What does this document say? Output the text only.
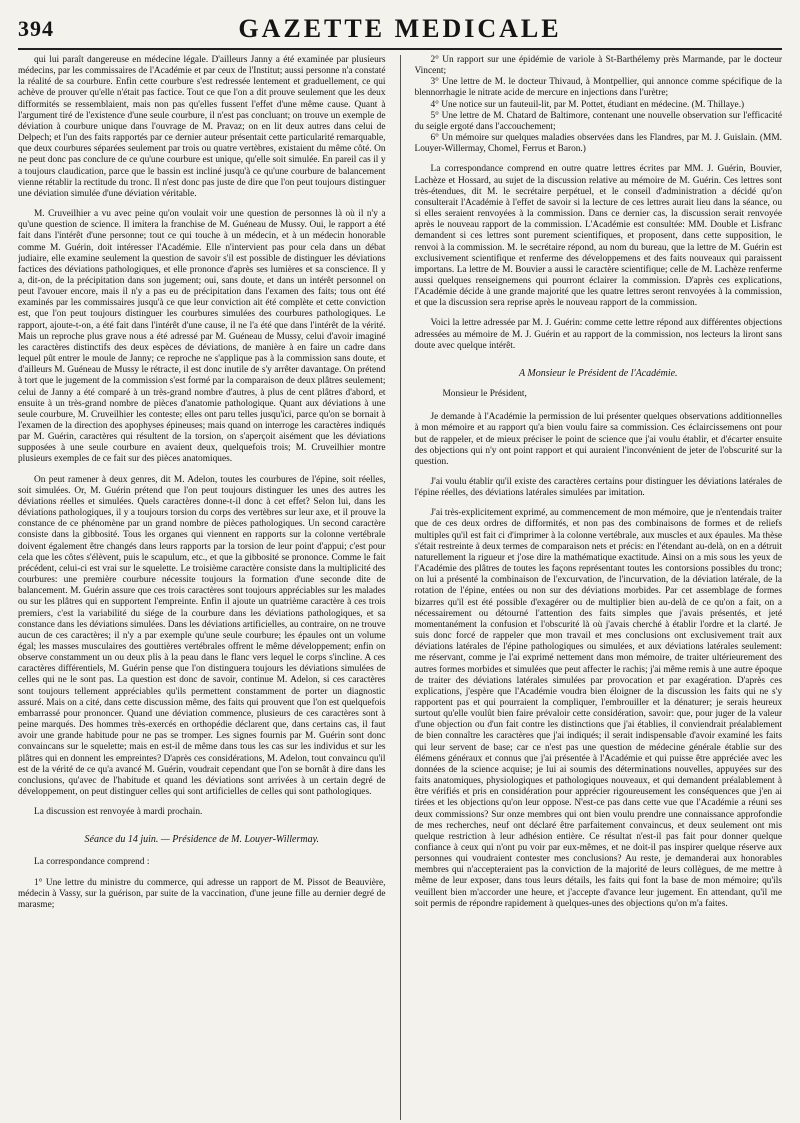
394	GAZETTE MEDICALE

qui lui paraît dangereuse en médecine légale. D'ailleurs Janny a été examinée par plusieurs médecins, par les commissaires de l'Académie et par ceux de l'Institut; aussi personne n'a constaté la réalité de sa courbure. Enfin cette courbure s'est redressée lentement et graduellement, ce qui achève de prouver qu'elle n'était pas factice. Tout ce que l'on a dit prouve seulement que les deux difformités se ressemblaient, mais non pas qu'elles fussent l'effet d'une même cause. Quant à l'argument tiré de l'existence d'une seule courbure, il n'est pas concluant; on trouve un exemple de déviation à courbure unique dans l'ouvrage de M. Pravaz; on en lit deux autres dans celui de Delpech; et l'un des faits rapportés par ce dernier auteur présentait cette particularité remarquable, que deux courbures séparées seulement par trois ou quatre vertèbres, existaient du même côté. On ne peut donc pas conclure de ce qu'une courbure est unique, qu'elle soit simulée. En pareil cas il y a toujours claudication, parce que le bassin est incliné jusqu'à ce qu'une courbure de balancement vienne rétablir la rectitude du tronc. Il n'est donc pas juste de dire que l'on peut toujours distinguer une déviation simulée d'une déviation véritable.

M. Cruveilhier a vu avec peine qu'on voulait voir une question de personnes là où il n'y a qu'une question de science. Il imitera la franchise de M. Guéneau de Mussy. Oui, le rapport a été fait dans l'intérêt d'une personne; tout ce qui touche à un médecin, et à un médecin honorable comme M. Guérin, doit intéresser l'Académie. Elle n'intervient pas pour cela dans un débat judiaire, elle examine seulement la question de savoir s'il est possible de distinguer les déviations factices des déviations pathologiques, et elle prononce d'après ses lumières et sa conscience. Il y a, dit-on, de la précipitation dans son jugement; oui, sans doute, et dans un intérêt personnel on peut l'avouer encore, mais il n'y a pas eu de précipitation dans l'examen des faits; tous ont été examinés par les commissaires jusqu'à ce que leur conviction ait été complète et cette conviction est, que l'on peut toujours distinguer les courbures simulées des courbures pathologiques. Le rapport, ajoute-t-on, a été fait dans l'intérêt d'une cause, il ne l'a été que dans l'intérêt de la vérité. Mais un reproche plus grave nous a été adressé par M. Guéneau de Mussy, celui d'avoir imaginé les caractères distinctifs des deux espèces de déviations, de manière à en faire un cadre dans lequel pût entrer le moule de Janny; ce reproche ne s'applique pas à la commission sans doute, et d'ailleurs M. Guéneau de Mussy le rétracte, il est donc inutile de s'y arrêter davantage. On prétend à tort que le jugement de la commission s'est formé par la comparaison de deux plâtres seulement; celui de Janny a été comparé à un très-grand nombre d'autres, à plus de cent plâtres d'abord, et ensuite à un très-grand nombre de pièces d'anatomie pathologique. Quant aux déviations à une seule courbure, M. Cruveilhier les conteste; elles ont paru telles jusqu'ici, parce qu'on se bornait à l'examen de la direction des apophyses épineuses; mais quand on interroge les caractères indiqués par M. Guérin, caractères qui résultent de la torsion, on s'aperçoit aisément que les déviations supposées à une seule courbure en avaient deux, quelquefois trois; M. Cruveilhier montre plusieurs exemples de ce fait sur des pièces anatomiques.

On peut ramener à deux genres, dit M. Adelon, toutes les courbures de l'épine, soit réelles, soit simulées. Or, M. Guérin prétend que l'on peut toujours distinguer les unes des autres les déviations réelles et simulées. Quels caractères donne-t-il donc à cet effet? Selon lui, dans les déviations pathologiques, il y a toujours torsion du corps des vertèbres sur leur axe, et il prouve la constance de ce phénomène par un grand nombre de pièces pathologiques. Un second caractère consiste dans la gibbosité. Tous les organes qui viennent en rapports sur la colonne vertébrale doivent également être changés dans leurs rapports par la torsion de leur point d'appui; c'est pour cela que les côtes s'élèvent, puis le scapulum, etc., et que la gibbosité se prononce. Comme le fait précédent, celui-ci est vrai sur le squelette. Le troisième caractère consiste dans la multiplicité des courbures: une première courbure nécessite toujours la formation d'une seconde dite de balancement. M. Guérin assure que ces trois caractères sont toujours appréciables sur les malades ou sur les plâtres qui en supportent l'empreinte. Enfin il ajoute un quatrième caractère à ces trois premiers, c'est la variabilité du siége de la courbure dans les déviations pathologiques, et sa constance dans les déviations simulées. Dans les déviations artificielles, au contraire, on ne trouve aucun de ces caractères; il n'y a par exemple qu'une seule courbure; les épaules ont un volume égal; les masses musculaires des gouttières vertébrales offrent le même développement; enfin on observe constamment un ou deux plis à la peau dans le flanc vers lequel le corps s'incline. A ces caractères différentiels, M. Guérin pense que l'on distinguera toujours les déviations simulées de celles qui ne le sont pas. La question est donc de savoir, continue M. Adelon, si ces caractères sont toujours tellement appréciables qu'ils permettent constamment de porter un diagnostic assuré. Mais on a cité, dans cette discussion même, des faits qui prouvent que l'on est quelquefois embarrassé pour prononcer. Quand une déviation commence, plusieurs de ces caractères sont à peine marqués. Des hommes très-exercés en orthopédie déclarent que, dans certains cas, il faut avoir une grande habitude pour ne pas se tromper. Les signes fournis par M. Guérin sont donc convaincans sur le squelette; mais en est-il de même dans tous les cas sur les individus et sur les plâtres qui en donnent les empreintes? D'après ces considérations, M. Adelon, tout convaincu qu'il est de la vérité de ce qu'a avancé M. Guérin, voudrait cependant que l'on se bornât à dire dans les conclusions, qu'avec de l'habitude et quand les déviations sont arrivées à un certain degré de développement, on peut distinguer celles qui sont artificielles de celles qui sont pathologiques.

La discussion est renvoyée à mardi prochain.

Séance du 14 juin. — Présidence de M. Louyer-Willermay.

La correspondance comprend :

1° Une lettre du ministre du commerce, qui adresse un rapport de M. Pissot de Beauvière, médecin à Vassy, sur la guérison, par suite de la vaccination, d'une jeune fille au dernier degré de marasme;

2° Un rapport sur une épidémie de variole à St-Barthélemy près Marmande, par le docteur Vincent;

3° Une lettre de M. le docteur Thivaud, à Montpellier, qui annonce comme spécifique de la blennorrhagie le nitrate acide de mercure en injections dans l'urètre;

4° Une notice sur un fauteuil-lit, par M. Pottet, étudiant en médecine. (M. Thillaye.)

5° Une lettre de M. Chatard de Baltimore, contenant une nouvelle observation sur l'efficacité du seigle ergoté dans l'accouchement;

6° Un mémoire sur quelques maladies observées dans les Flandres, par M. J. Guislain. (MM. Louyer-Willermay, Chomel, Ferrus et Baron.)

La correspondance comprend en outre quatre lettres écrites par MM. J. Guérin, Bouvier, Lachèze et Hossard, au sujet de la discussion relative au mémoire de M. Guérin. Ces lettres sont très-étendues, dit M. le secrétaire perpétuel, et le conseil d'administration a décidé qu'on consulterait l'Académie à l'effet de savoir si la lecture de ces lettres aurait lieu dans la séance, ou si elles seraient renvoyées à la commission. Dans ce dernier cas, la discussion serait renvoyée après le nouveau rapport de la commission. L'Académie est consultée: MM. Double et Lisfranc demandent si ces lettres sont purement scientifiques, et proposent, dans cette supposition, le renvoi à la commission. M. le secrétaire répond, au nom du bureau, que la lettre de M. Guérin est exclusivement scientifique et renferme des développemens et des faits nouveaux qui paraissent importans. La lettre de M. Bouvier a aussi le caractère scientifique; celle de M. Lachèze renferme aussi quelques renseignemens qui pourront éclairer la commission. D'après ces explications, l'Académie décide à une grande majorité que les quatre lettres seront renvoyées à la commission, et que la discussion sera reprise après le nouveau rapport de la commission.

Voici la lettre adressée par M. J. Guérin: comme cette lettre répond aux différentes objections adressées au mémoire de M. J. Guérin et au rapport de la commission, nos lecteurs la liront sans doute avec quelque intérêt.

A Monsieur le Président de l'Académie.

Monsieur le Président,

Je demande à l'Académie la permission de lui présenter quelques observations additionnelles à mon mémoire et au rapport qu'a bien voulu faire sa commission. Ces éclaircissemens ont pour but de rappeler, et de mieux préciser le point de science que j'ai voulu établir, et d'écarter ensuite des objections qui n'y ont point rapport et qui auraient l'inconvénient de jeter de l'obscurité sur la question.

J'ai voulu établir qu'il existe des caractères certains pour distinguer les déviations latérales de l'épine réelles, des déviations latérales simulées par imitation.

J'ai très-explicitement exprimé, au commencement de mon mémoire, que je n'entendais traiter que de ces deux ordres de difformités, et non pas des combinaisons de formes et de reliefs multiples qu'il est fait ci d'imprimer à la colonne vertébrale, aux muscles et aux épaules. Ma thèse s'était restreinte à deux termes de comparaison nets et précis: en l'étendant au-delà, on en a détruit naturellement la rigueur et j'ose dire la mathématique exactitude. Ainsi on a mis sous les yeux de l'Académie des plâtres de toutes les façons représentant toutes les contorsions possibles du tronc; on lui a présenté la combinaison de l'excurvation, de l'incurvation, de la déviation latérale, de la rotation de l'épine, entées ou non sur des déviations morbides. Par cet assemblage de formes bizarres qu'il est été possible d'exagérer ou de multiplier bien au-delà de ce qu'on a fait, on a nécessairement ou détourné l'attention des faits simples que j'avais présentés, et jeté momentanément la confusion et l'obscurité là où j'avais cherché à établir l'ordre et la clarté. Je suis donc forcé de rappeler que mon travail et mes conclusions ont exclusivement trait aux déviations latérales de l'épine pathologiques ou simulées, et aux déviations latérales seulement: me réservant, comme je l'ai exprimé nettement dans mon mémoire, de traiter ultérieurement des autres formes morbides et simulées que peut affecter le rachis; j'ai même remis à une autre époque de traiter des déviations latérales simulées par provocation et par exagération. D'après ces explications, j'espère que l'Académie voudra bien éloigner de la discussion les faits qui ne s'y rapportent pas et qui pourraient la compliquer, l'embrouiller et la dénaturer; je serais heureux surtout qu'elle voulût bien faire prévaloir cette considération, savoir: que, pour juger de la valeur d'une objection ou d'un fait contre les distinctions que j'ai établies, il conviendrait préalablement de bien connaître les caractères que j'ai indiqués; il serait indispensable d'avoir examiné les faits qui leur servent de base; car ce n'est pas une question de médecine générale établie sur des élémens généraux et connus que j'ai présentée à l'Académie et qui puisse être appréciée avec les données de la science acquise; je lui ai soumis des déterminations nouvelles, appuyées sur des faits anatomiques, physiologiques et pathologiques nouveaux, et qui demandent préalablement à être vérifiés et pris en considération pour apprécier rigoureusement les conséquences que j'en ai tirées et les objections qu'on leur oppose. N'est-ce pas dans cette vue que l'Académie a réuni ses deux commissions? Sur onze membres qui ont bien voulu prendre une connaissance approfondie de mes recherches, neuf ont déclaré être parfaitement convaincus, et deux seulement ont mis quelque restriction à leur adhésion entière. Ce résultat n'est-il pas fait pour donner quelque confiance à ceux qui n'ont pu voir par eux-mêmes, et ne doit-il pas inspirer quelque réserve aux personnes qui voudraient contester mes conclusions? Au reste, je demanderai aux honorables membres qui n'accepteraient pas la conviction de la majorité de leurs collègues, de me mettre à même de leur exposer, dans tous leurs détails, les faits qui font la base de mon mémoire; qu'ils veuillent bien m'accorder une heure, et j'accepte d'avance leur jugement. En attendant, qu'il me soit permis de répondre rapidement à quelques-unes des objections qu'on m'a faites.
